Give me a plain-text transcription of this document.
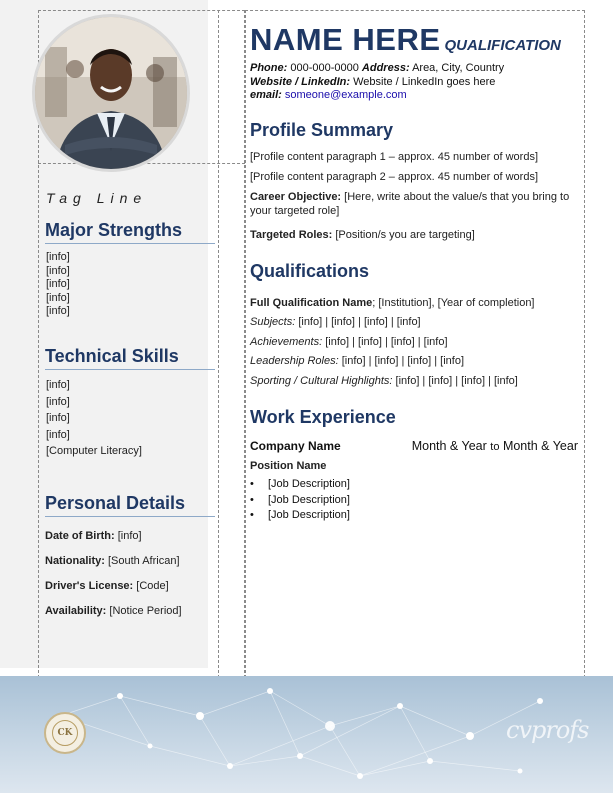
Tag Line
Major Strengths
[info]
[info]
[info]
[info]
[info]
Technical Skills
[info]
[info]
[info]
[info]
[Computer Literacy]
Personal Details
Date of Birth: [info]
Nationality: [South African]
Driver's License: [Code]
Availability: [Notice Period]
NAME HERE QUALIFICATION
Phone: 000-000-0000 Address: Area, City, Country
Website / LinkedIn: Website / LinkedIn goes here
email: someone@example.com
Profile Summary
[Profile content paragraph 1 – approx. 45 number of words]
[Profile content paragraph 2 – approx. 45 number of words]
Career Objective: [Here, write about the value/s that you bring to your targeted role]
Targeted Roles: [Position/s you are targeting]
Qualifications
Full Qualification Name; [Institution], [Year of completion]
Subjects: [info] | [info] | [info] | [info]
Achievements: [info] | [info] | [info] | [info]
Leadership Roles: [info] | [info] | [info] | [info]
Sporting / Cultural Highlights: [info] | [info] | [info] | [info]
Work Experience
Company Name	Month & Year to Month & Year
Position Name
• [Job Description]
• [Job Description]
• [Job Description]
CK	cvprofs
